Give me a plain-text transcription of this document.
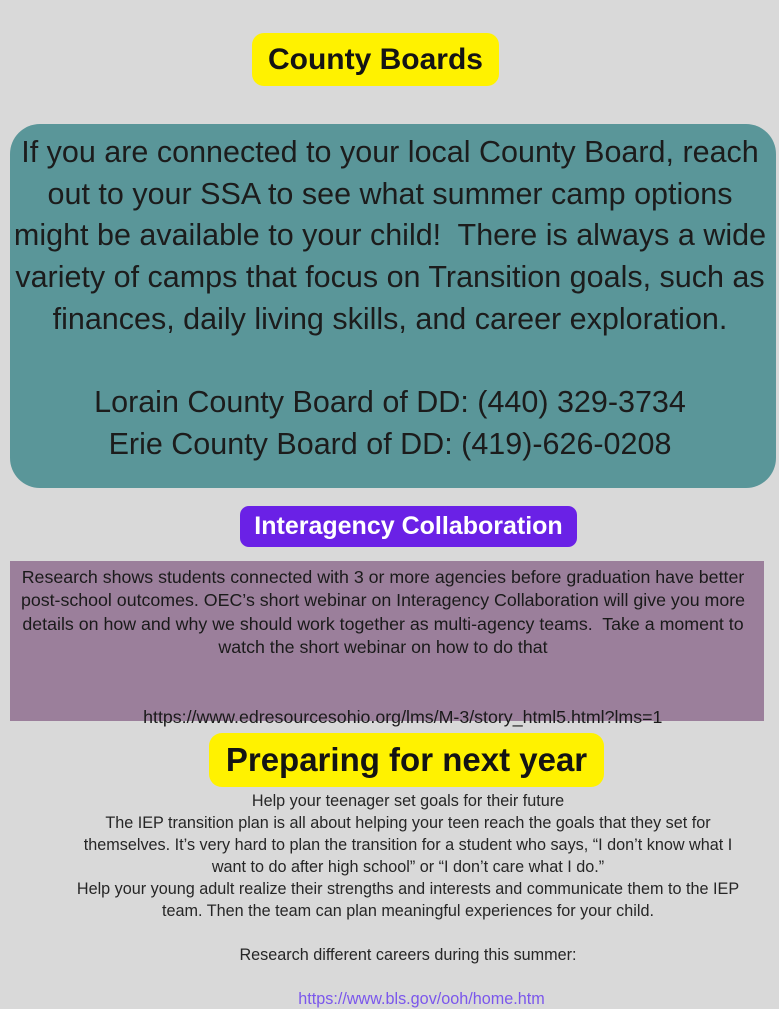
County Boards
If you are connected to your local County Board, reach
out to your SSA to see what summer camp options
might be available to your child!  There is always a wide
variety of camps that focus on Transition goals, such as
finances, daily living skills, and career exploration.
Lorain County Board of DD: (440) 329-3734
Erie County Board of DD: (419)-626-0208
Interagency Collaboration
Research shows students connected with 3 or more agencies before graduation have better
post-school outcomes. OEC’s short webinar on Interagency Collaboration will give you more
details on how and why we should work together as multi-agency teams.  Take a moment to
watch the short webinar on how to do that

https://www.edresourcesohio.org/lms/M-3/story_html5.html?lms=1

Preparing for next year
Help your teenager set goals for their future
The IEP transition plan is all about helping your teen reach the goals that they set for
themselves. It’s very hard to plan the transition for a student who says, “I don’t know what I
want to do after high school” or “I don’t care what I do.”
Help your young adult realize their strengths and interests and communicate them to the IEP
team. Then the team can plan meaningful experiences for your child.
Research different careers during this summer:

https://www.bls.gov/ooh/home.htm
